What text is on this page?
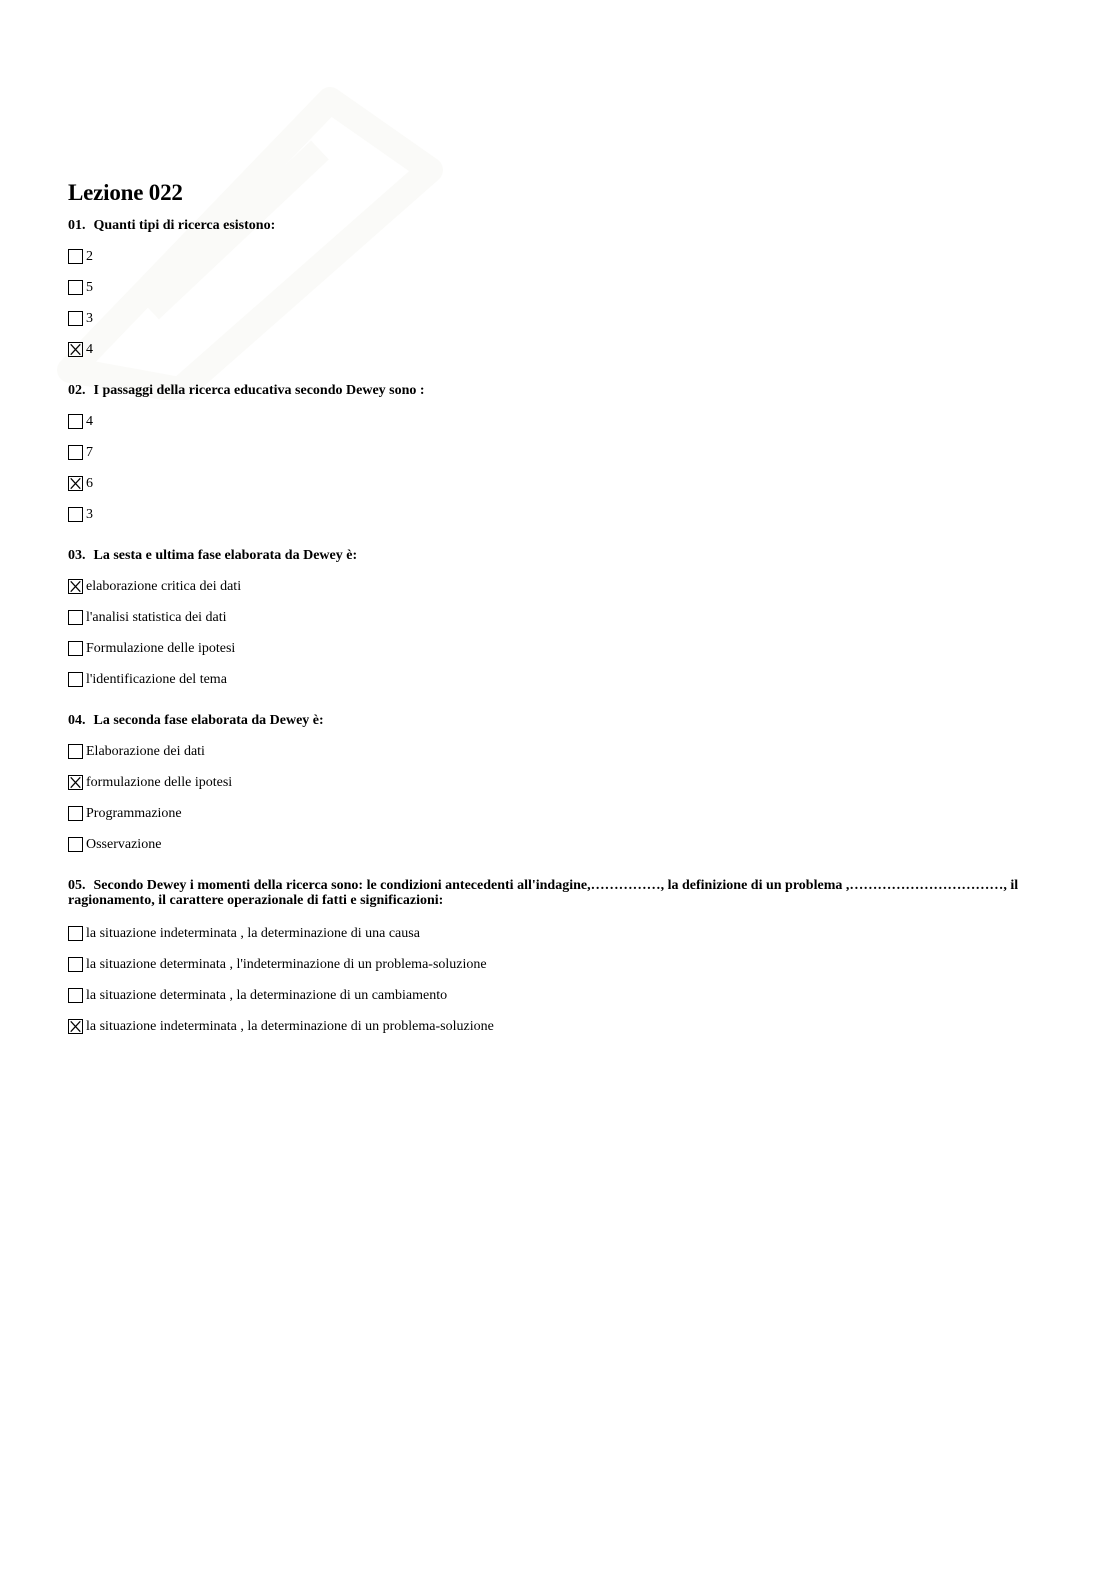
Lezione 022
01. Quanti tipi di ricerca esistono:
2
5
3
4
02. I passaggi della ricerca educativa secondo Dewey sono :
4
7
6
3
03. La sesta e ultima fase elaborata da Dewey è:
elaborazione critica dei dati
l'analisi statistica dei dati
Formulazione delle ipotesi
l'identificazione del tema
04. La seconda fase elaborata da Dewey è:
Elaborazione dei dati
formulazione delle ipotesi
Programmazione
Osservazione
05. Secondo Dewey i momenti della ricerca sono: le condizioni antecedenti all'indagine,……………, la definizione di un problema ,……………………………, il ragionamento, il carattere operazionale di fatti e significazioni:
la situazione indeterminata , la determinazione di una causa
la situazione determinata , l'indeterminazione di un problema-soluzione
la situazione determinata , la determinazione di un cambiamento
la situazione indeterminata , la determinazione di un problema-soluzione
